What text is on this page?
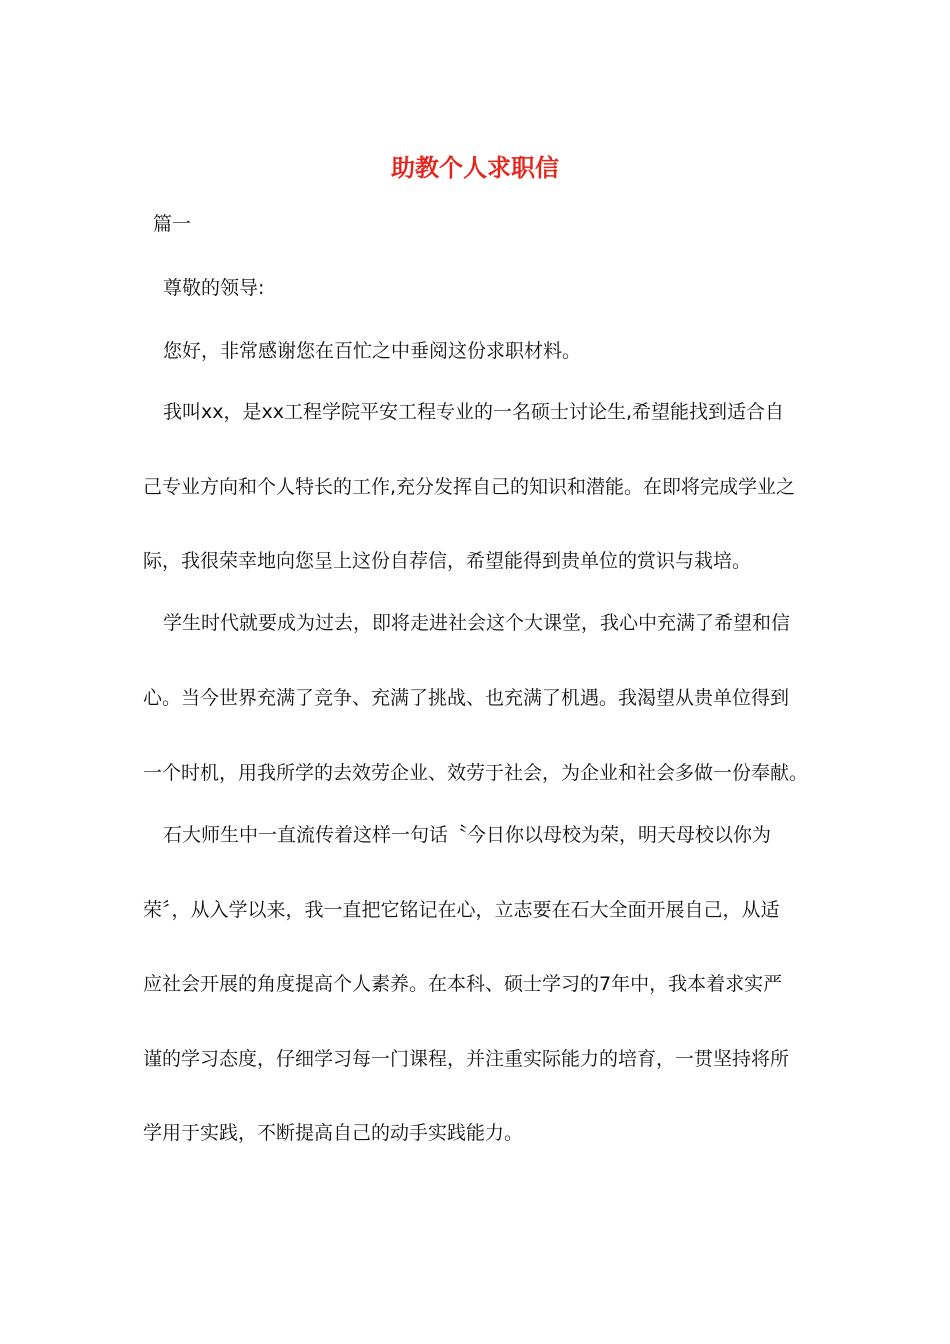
助教个人求职信
篇一
尊敬的领导:
您好，非常感谢您在百忙之中垂阅这份求职材料。
我叫xx，是xx工程学院平安工程专业的一名硕士讨论生,希望能找到适合自
己专业方向和个人特长的工作,充分发挥自己的知识和潜能。在即将完成学业之
际，我很荣幸地向您呈上这份自荐信，希望能得到贵单位的赏识与栽培。
学生时代就要成为过去，即将走进社会这个大课堂，我心中充满了希望和信
心。当今世界充满了竞争、充满了挑战、也充满了机遇。我渴望从贵单位得到
一个时机，用我所学的去效劳企业、效劳于社会，为企业和社会多做一份奉献。
石大师生中一直流传着这样一句话〝今日你以母校为荣，明天母校以你为
荣〞，从入学以来，我一直把它铭记在心，立志要在石大全面开展自己，从适
应社会开展的角度提高个人素养。在本科、硕士学习的7年中，我本着求实严
谨的学习态度，仔细学习每一门课程，并注重实际能力的培育，一贯坚持将所
学用于实践，不断提高自己的动手实践能力。
